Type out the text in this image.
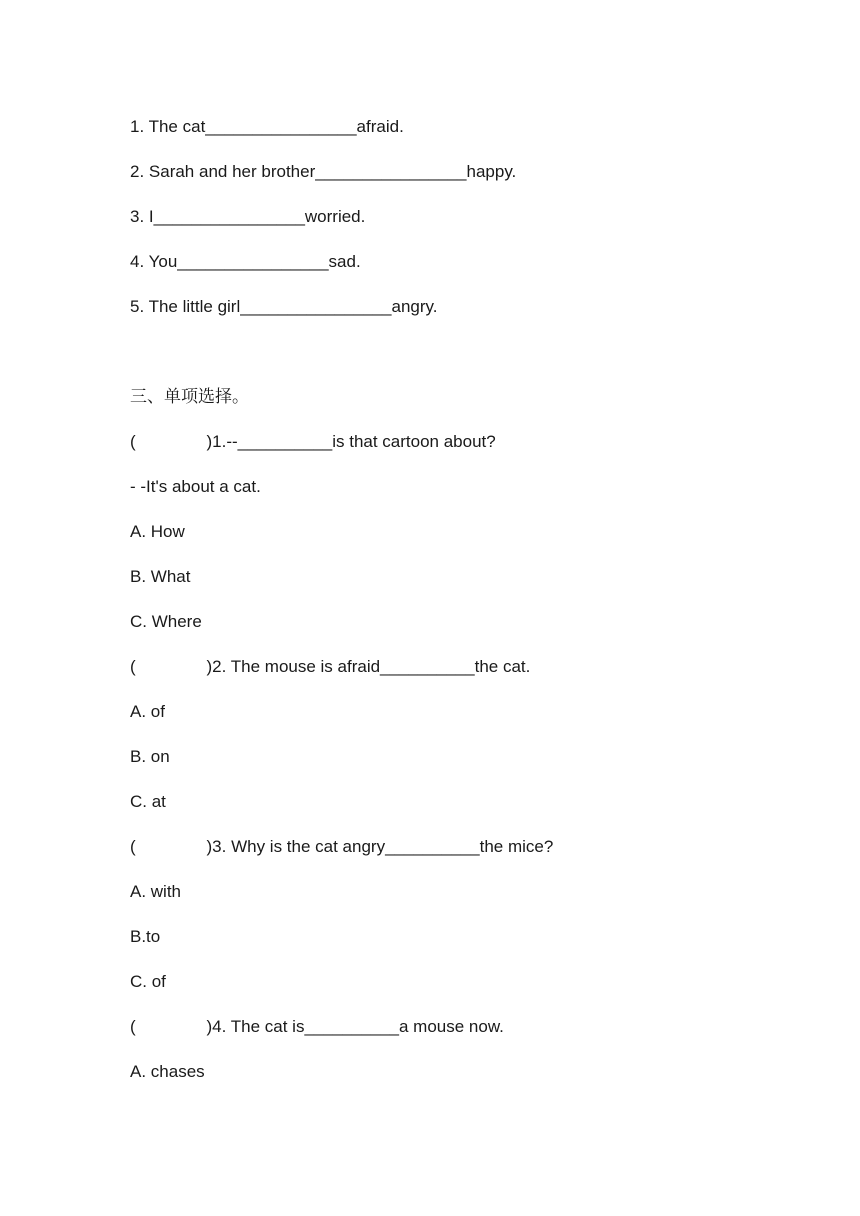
1. The cat________________afraid.
2. Sarah and her brother________________happy.
3. I________________worried.
4. You________________sad.
5. The little girl________________angry.
三、单项选择。
(               )1.--__________is that cartoon about?
- -It's about a cat.
A. How
B. What
C. Where
(               )2. The mouse is afraid__________the cat.
A. of
B. on
C. at
(               )3. Why is the cat angry__________the mice?
A. with
B.to
C. of
(               )4. The cat is__________a mouse now.
A. chases
